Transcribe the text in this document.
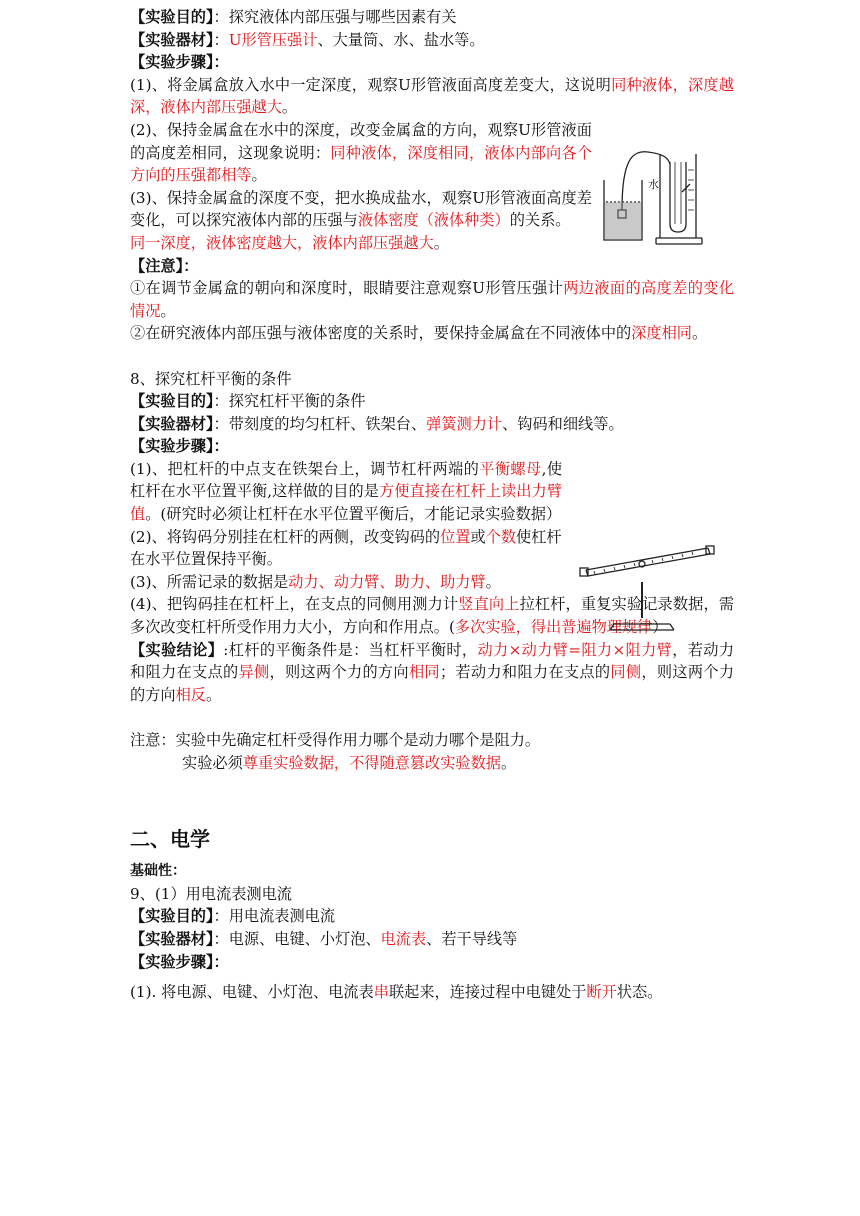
【实验目的】：探究液体内部压强与哪些因素有关
【实验器材】：U形管压强计、大量筒、水、盐水等。
【实验步骤】：
(1)、将金属盒放入水中一定深度，观察U形管液面高度差变大，这说明同种液体，深度越深，液体内部压强越大。
(2)、保持金属盒在水中的深度，改变金属盒的方向，观察U形管液面的高度差相同，这现象说明：同种液体，深度相同，液体内部向各个方向的压强都相等。
(3)、保持金属盒的深度不变，把水换成盐水，观察U形管液面高度差变化，可以探究液体内部的压强与液体密度（液体种类）的关系。
同一深度，液体密度越大，液体内部压强越大。
【注意】：
①在调节金属盒的朝向和深度时，眼睛要注意观察U形管压强计两边液面的高度差的变化情况。
②在研究液体内部压强与液体密度的关系时，要保持金属盒在不同液体中的深度相同。
8、探究杠杆平衡的条件
【实验目的】：探究杠杆平衡的条件
【实验器材】：带刻度的均匀杠杆、铁架台、弹簧测力计、钩码和细线等。
【实验步骤】：
(1)、把杠杆的中点支在铁架台上，调节杠杆两端的平衡螺母,使杠杆在水平位置平衡,这样做的目的是方便直接在杠杆上读出力臂值。(研究时必须让杠杆在水平位置平衡后，才能记录实验数据）
(2)、将钩码分别挂在杠杆的两侧，改变钩码的位置或个数使杠杆在水平位置保持平衡。
(3)、所需记录的数据是动力、动力臂、助力、助力臂。
(4)、把钩码挂在杠杆上，在支点的同侧用测力计竖直向上拉杠杆，重复实验记录数据，需多次改变杠杆所受作用力大小，方向和作用点。(多次实验，得出普遍物理规律）
【实验结论】:杠杆的平衡条件是：当杠杆平衡时，动力×动力臂=阻力×阻力臂，若动力和阻力在支点的异侧，则这两个力的方向相同；若动力和阻力在支点的同侧，则这两个力的方向相反。
注意：实验中先确定杠杆受得作用力哪个是动力哪个是阻力。
实验必须尊重实验数据，不得随意篡改实验数据。
二、电学
基础性：
9、(1）用电流表测电流
【实验目的】：用电流表测电流
【实验器材】：电源、电键、小灯泡、电流表、若干导线等
【实验步骤】：
(1). 将电源、电键、小灯泡、电流表串联起来，连接过程中电键处于断开状态。
水
